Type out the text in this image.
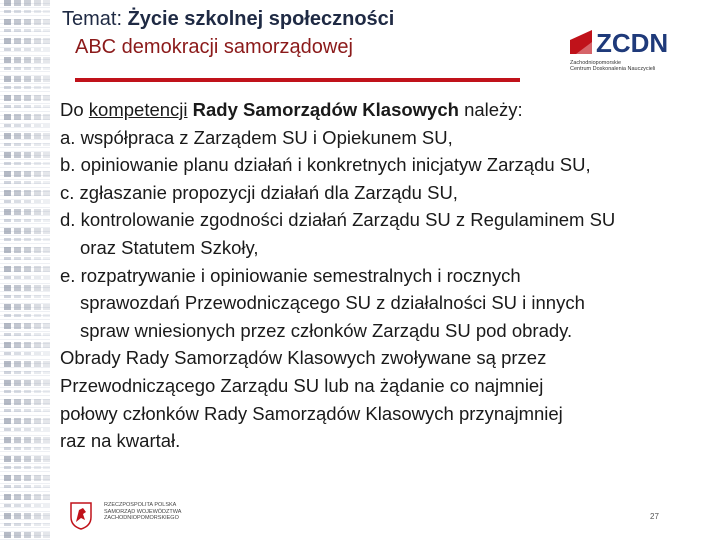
Temat: Życie szkolnej społeczności
ABC demokracji samorządowej	ZCDN
Zachodniopomorskie
Centrum Doskonalenia Nauczycieli
Do kompetencji Rady Samorządów Klasowych należy:
a. współpraca z Zarządem SU i Opiekunem SU,
b. opiniowanie planu działań i konkretnych inicjatyw Zarządu SU,
c. zgłaszanie propozycji działań dla Zarządu SU,
d. kontrolowanie zgodności działań Zarządu SU z Regulaminem SU
oraz Statutem Szkoły,
e. rozpatrywanie i opiniowanie semestralnych i rocznych
sprawozdań Przewodniczącego SU z działalności SU i innych
spraw wniesionych przez członków Zarządu SU pod obrady.
Obrady Rady Samorządów Klasowych zwoływane są przez
Przewodniczącego Zarządu SU lub na żądanie co najmniej
połowy członków Rady Samorządów Klasowych przynajmniej
raz na kwartał.
RZECZPOSPOLITA POLSKA
SAMORZĄD WOJEWÓDZTWA
ZACHODNIOPOMORSKIEGO	27
